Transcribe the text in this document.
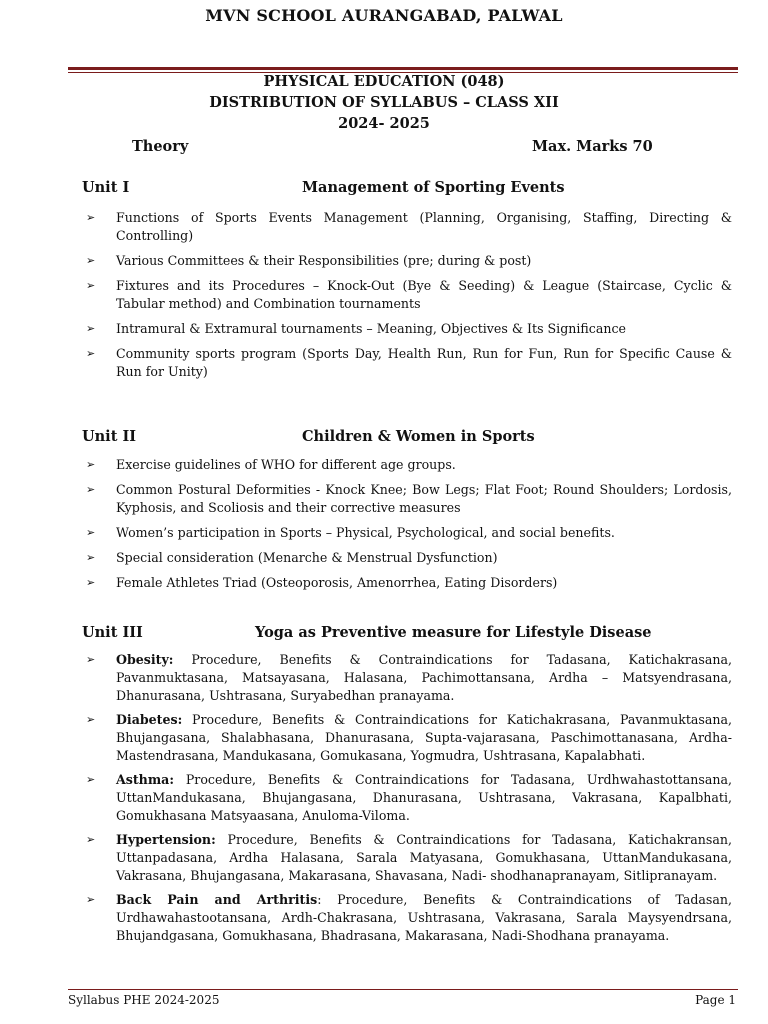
MVN SCHOOL AURANGABAD, PALWAL
PHYSICAL EDUCATION (048)
DISTRIBUTION OF SYLLABUS – CLASS XII
2024- 2025
Theory	Max. Marks 70
Unit I	Management of Sporting Events
➢ Functions of Sports Events Management (Planning, Organising, Staffing, Directing & Controlling)
➢ Various Committees & their Responsibilities (pre; during & post)
➢ Fixtures and its Procedures – Knock-Out (Bye & Seeding) & League (Staircase, Cyclic & Tabular method) and Combination tournaments
➢ Intramural & Extramural tournaments – Meaning, Objectives & Its Significance
➢ Community sports program (Sports Day, Health Run, Run for Fun, Run for Specific Cause & Run for Unity)
Unit II	Children & Women in Sports
➢ Exercise guidelines of WHO for different age groups.
➢ Common Postural Deformities - Knock Knee; Bow Legs; Flat Foot; Round Shoulders; Lordosis, Kyphosis, and Scoliosis and their corrective measures
➢ Women’s participation in Sports – Physical, Psychological, and social benefits.
➢ Special consideration (Menarche & Menstrual Dysfunction)
➢ Female Athletes Triad (Osteoporosis, Amenorrhea, Eating Disorders)
Unit III	Yoga as Preventive measure for Lifestyle Disease
➢ Obesity: Procedure, Benefits & Contraindications for Tadasana, Katichakrasana, Pavanmuktasana, Matsayasana, Halasana, Pachimottansana, Ardha – Matsyendrasana, Dhanurasana, Ushtrasana, Suryabedhan pranayama.
➢ Diabetes: Procedure, Benefits & Contraindications for Katichakrasana, Pavanmuktasana, Bhujangasana, Shalabhasana, Dhanurasana, Supta-vajarasana, Paschimottanasana, Ardha-Mastendrasana, Mandukasana, Gomukasana, Yogmudra, Ushtrasana, Kapalabhati.
➢ Asthma: Procedure, Benefits & Contraindications for Tadasana, Urdhwahastottansana, UttanMandukasana, Bhujangasana, Dhanurasana, Ushtrasana, Vakrasana, Kapalbhati, Gomukhasana Matsyaasana, Anuloma-Viloma.
➢ Hypertension: Procedure, Benefits & Contraindications for Tadasana, Katichakransan, Uttanpadasana, Ardha Halasana, Sarala Matyasana, Gomukhasana, UttanMandukasana, Vakrasana, Bhujangasana, Makarasana, Shavasana, Nadi- shodhanapranayam, Sitlipranayam.
➢ Back Pain and Arthritis: Procedure, Benefits & Contraindications of Tadasan, Urdhawahastootansana, Ardh-Chakrasana, Ushtrasana, Vakrasana, Sarala Maysyendrsana, Bhujandgasana, Gomukhasana, Bhadrasana, Makarasana, Nadi-Shodhana pranayama.
Syllabus PHE 2024-2025	Page 1
